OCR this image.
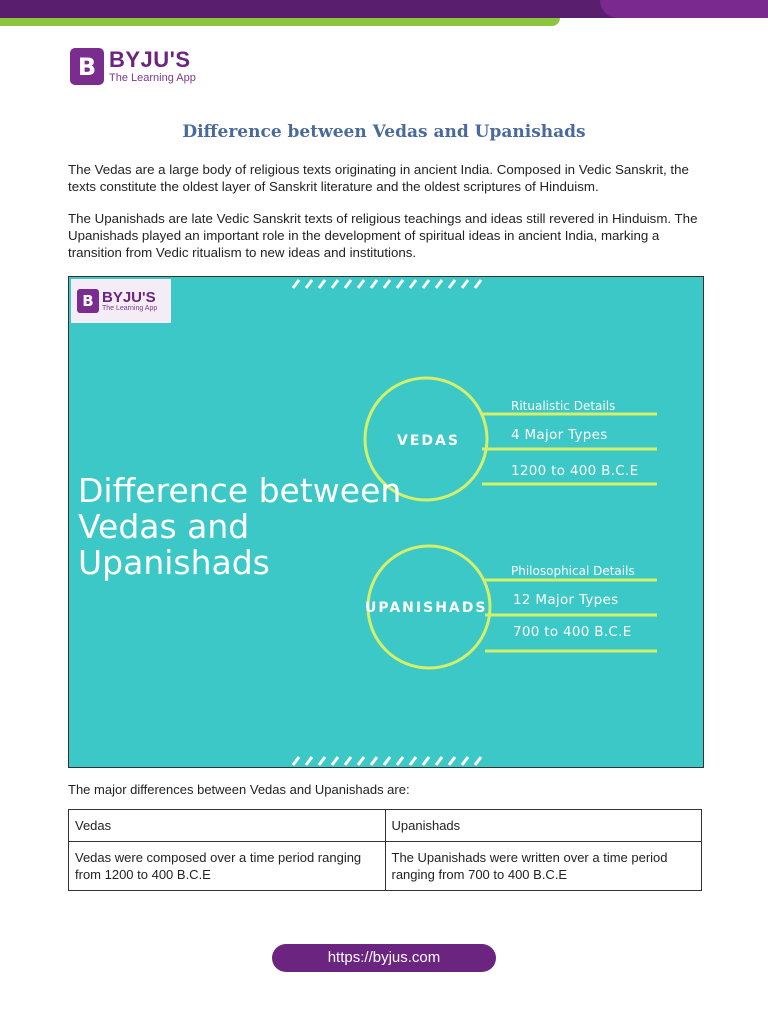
B BYJU'S
The Learning App
Difference between Vedas and Upanishads

The Vedas are a large body of religious texts originating in ancient India. Composed in Vedic Sanskrit, the texts constitute the oldest layer of Sanskrit literature and the oldest scriptures of Hinduism.

The Upanishads are late Vedic Sanskrit texts of religious teachings and ideas still revered in Hinduism. The Upanishads played an important role in the development of spiritual ideas in ancient India, marking a transition from Vedic ritualism to new ideas and institutions.

B BYJU'S
The Learning App
Difference between
Vedas and
Upanishads
VEDAS
UPANISHADS
Ritualistic Details
4 Major Types
1200 to 400 B.C.E
Philosophical Details
12 Major Types
700 to 400 B.C.E
The major differences between Vedas and Upanishads are:
Vedas	Upanishads
Vedas were composed over a time period ranging from 1200 to 400 B.C.E	The Upanishads were written over a time period ranging from 700 to 400 B.C.E
https://byjus.com
